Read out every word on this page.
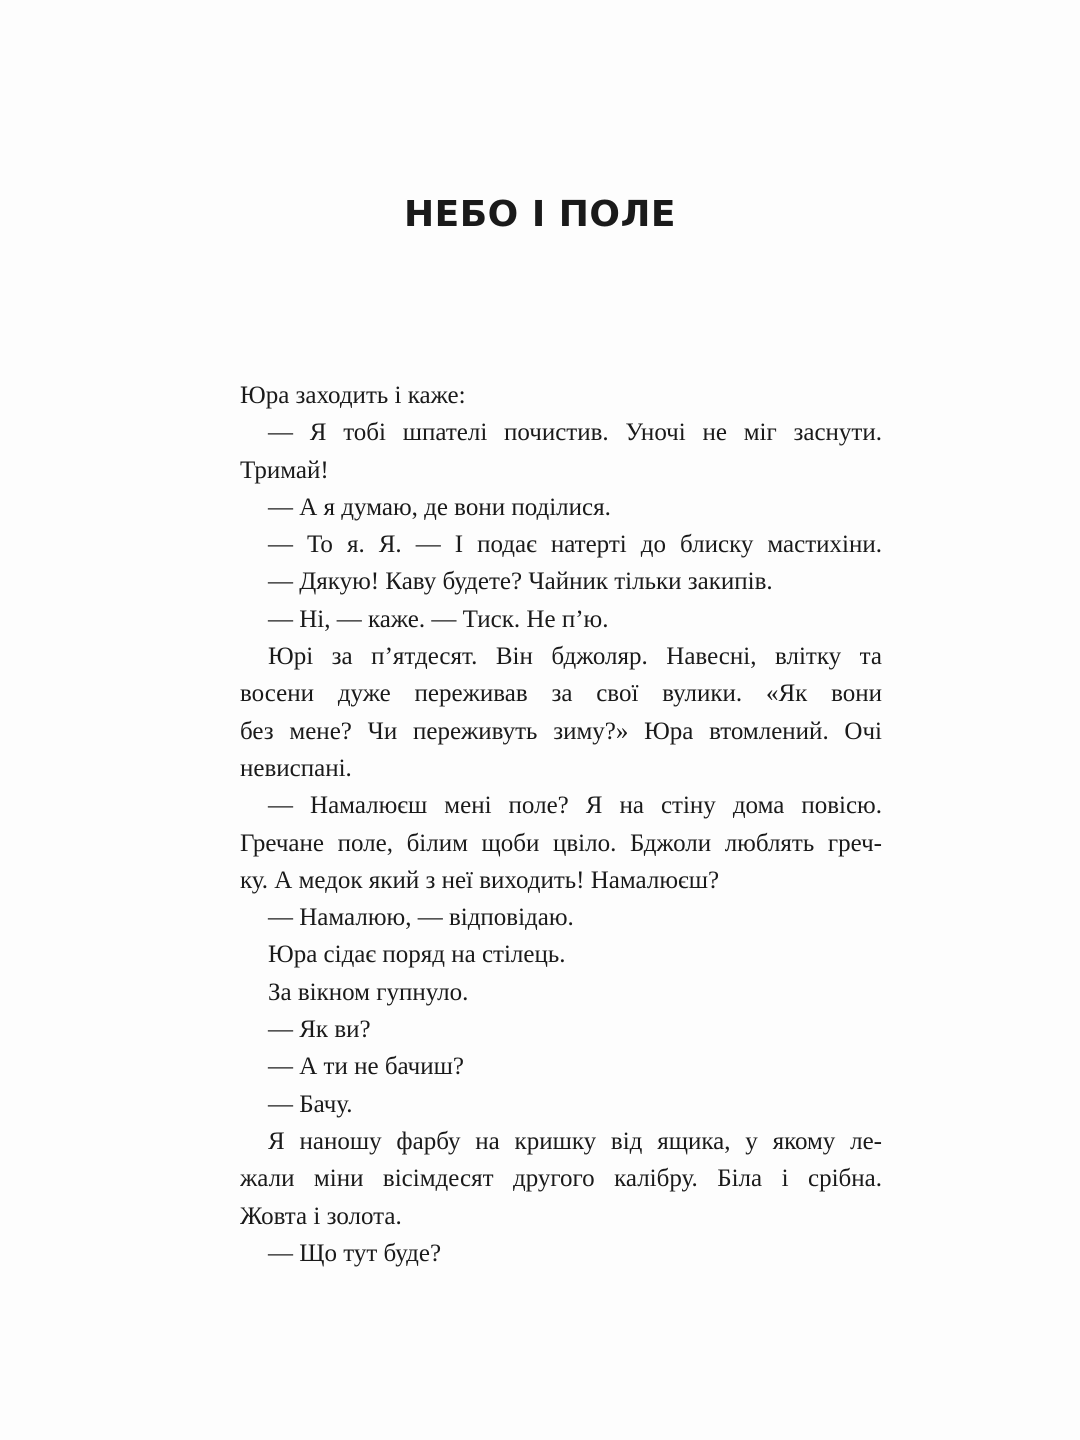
НЕБО І ПОЛЕ
Юра заходить і каже:
— Я тобі шпателі почистив. Уночі не міг заснути.
Тримай!
— А я думаю, де вони поділися.
— То я. Я. — І подає натерті до блиску мастихіни.
— Дякую! Каву будете? Чайник тільки закипів.
— Ні, — каже. — Тиск. Не п’ю.
Юрі за п’ятдесят. Він бджоляр. Навесні, влітку та
восени дуже переживав за свої вулики. «Як вони
без мене? Чи переживуть зиму?» Юра втомлений. Очі
невиспані.
— Намалюєш мені поле? Я на стіну дома повісю.
Гречане поле, білим щоби цвіло. Бджоли люблять греч-
ку. А медок який з неї виходить! Намалюєш?
— Намалюю, — відповідаю.
Юра сідає поряд на стілець.
За вікном гупнуло.
— Як ви?
— А ти не бачиш?
— Бачу.
Я наношу фарбу на кришку від ящика, у якому ле-
жали міни вісімдесят другого калібру. Біла і срібна.
Жовта і золота.
— Що тут буде?
